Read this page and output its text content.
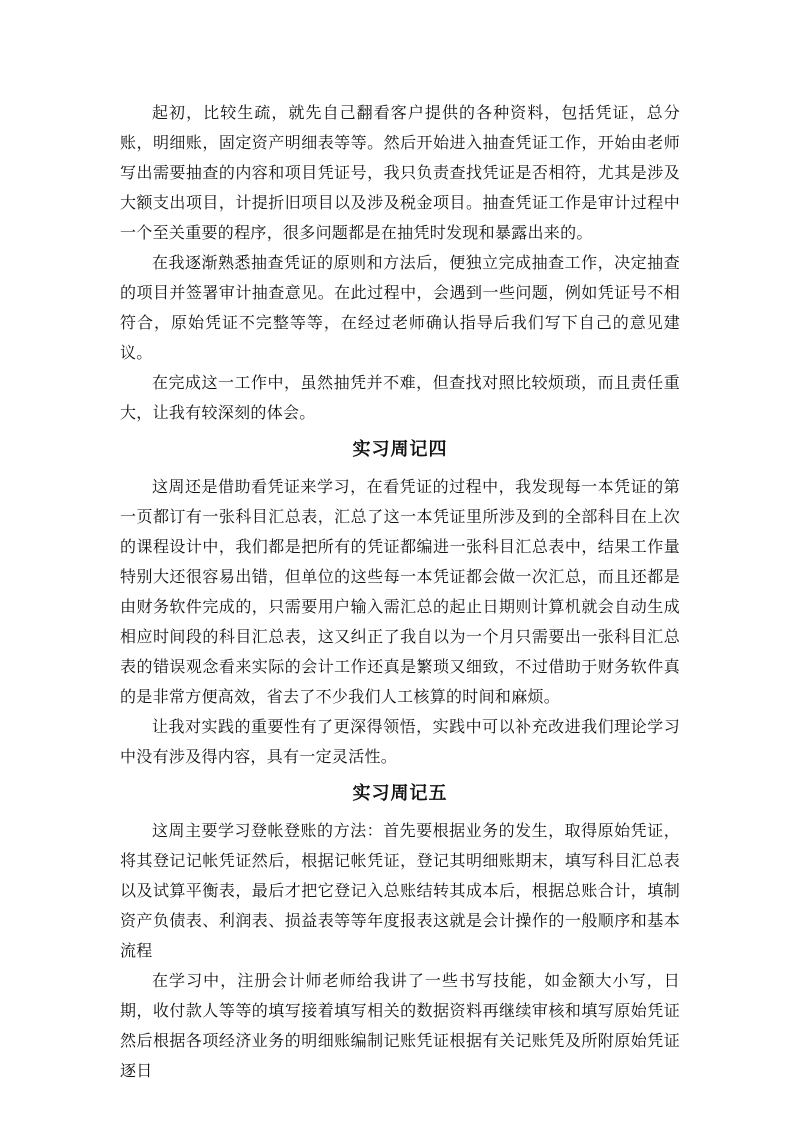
起初，比较生疏，就先自己翻看客户提供的各种资料，包括凭证，总分账，明细账，固定资产明细表等等。然后开始进入抽查凭证工作，开始由老师写出需要抽查的内容和项目凭证号，我只负责查找凭证是否相符，尤其是涉及大额支出项目，计提折旧项目以及涉及税金项目。抽查凭证工作是审计过程中一个至关重要的程序，很多问题都是在抽凭时发现和暴露出来的。

在我逐渐熟悉抽查凭证的原则和方法后，便独立完成抽查工作，决定抽查的项目并签署审计抽查意见。在此过程中，会遇到一些问题，例如凭证号不相符合，原始凭证不完整等等，在经过老师确认指导后我们写下自己的意见建议。

在完成这一工作中，虽然抽凭并不难，但查找对照比较烦琐，而且责任重大，让我有较深刻的体会。

实习周记四

这周还是借助看凭证来学习，在看凭证的过程中，我发现每一本凭证的第一页都订有一张科目汇总表，汇总了这一本凭证里所涉及到的全部科目在上次的课程设计中，我们都是把所有的凭证都编进一张科目汇总表中，结果工作量特别大还很容易出错，但单位的这些每一本凭证都会做一次汇总，而且还都是由财务软件完成的，只需要用户输入需汇总的起止日期则计算机就会自动生成相应时间段的科目汇总表，这又纠正了我自以为一个月只需要出一张科目汇总表的错误观念看来实际的会计工作还真是繁琐又细致，不过借助于财务软件真的是非常方便高效，省去了不少我们人工核算的时间和麻烦。

让我对实践的重要性有了更深得领悟，实践中可以补充改进我们理论学习中没有涉及得内容，具有一定灵活性。

实习周记五

这周主要学习登帐登账的方法：首先要根据业务的发生，取得原始凭证，将其登记记帐凭证然后，根据记帐凭证，登记其明细账期末，填写科目汇总表以及试算平衡表，最后才把它登记入总账结转其成本后，根据总账合计，填制资产负债表、利润表、损益表等等年度报表这就是会计操作的一般顺序和基本流程

在学习中，注册会计师老师给我讲了一些书写技能，如金额大小写，日期，收付款人等等的填写接着填写相关的数据资料再继续审核和填写原始凭证然后根据各项经济业务的明细账编制记账凭证根据有关记账凭及所附原始凭证逐日
